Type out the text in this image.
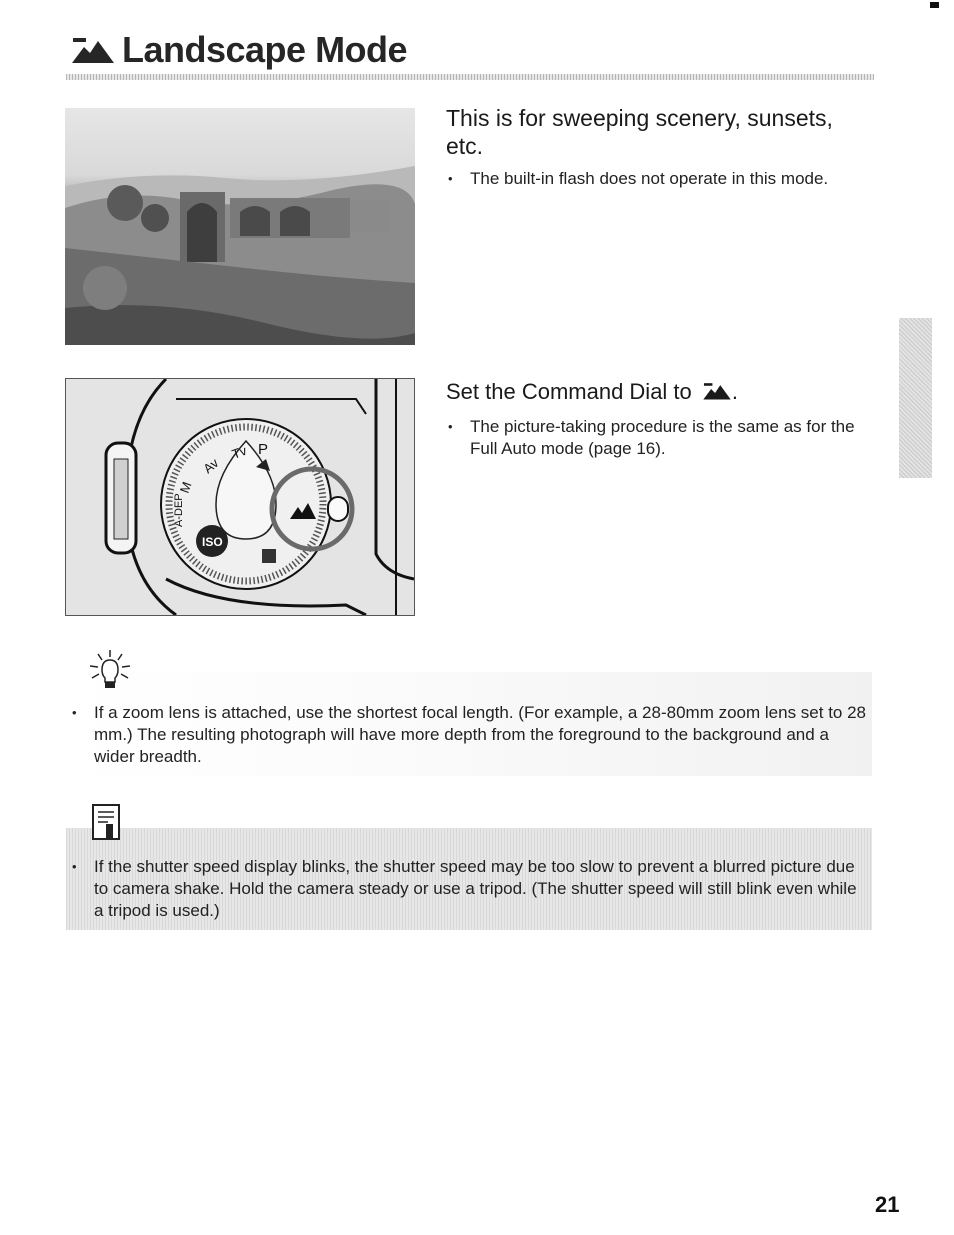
Landscape Mode
This is for sweeping scenery, sunsets, etc.
• The built-in flash does not operate in this mode.
P
Tv
Av
M
A-DEP
ISO
Set the Command Dial to .
• The picture-taking procedure is the same as for the Full Auto mode (page 16).
• If a zoom lens is attached, use the shortest focal length. (For example, a 28-80mm zoom lens set to 28 mm.) The resulting photograph will have more depth from the foreground to the background and a wider breadth.
• If the shutter speed display blinks, the shutter speed may be too slow to prevent a blurred picture due to camera shake. Hold the camera steady or use a tripod. (The shutter speed will still blink even while a tripod is used.)
21
